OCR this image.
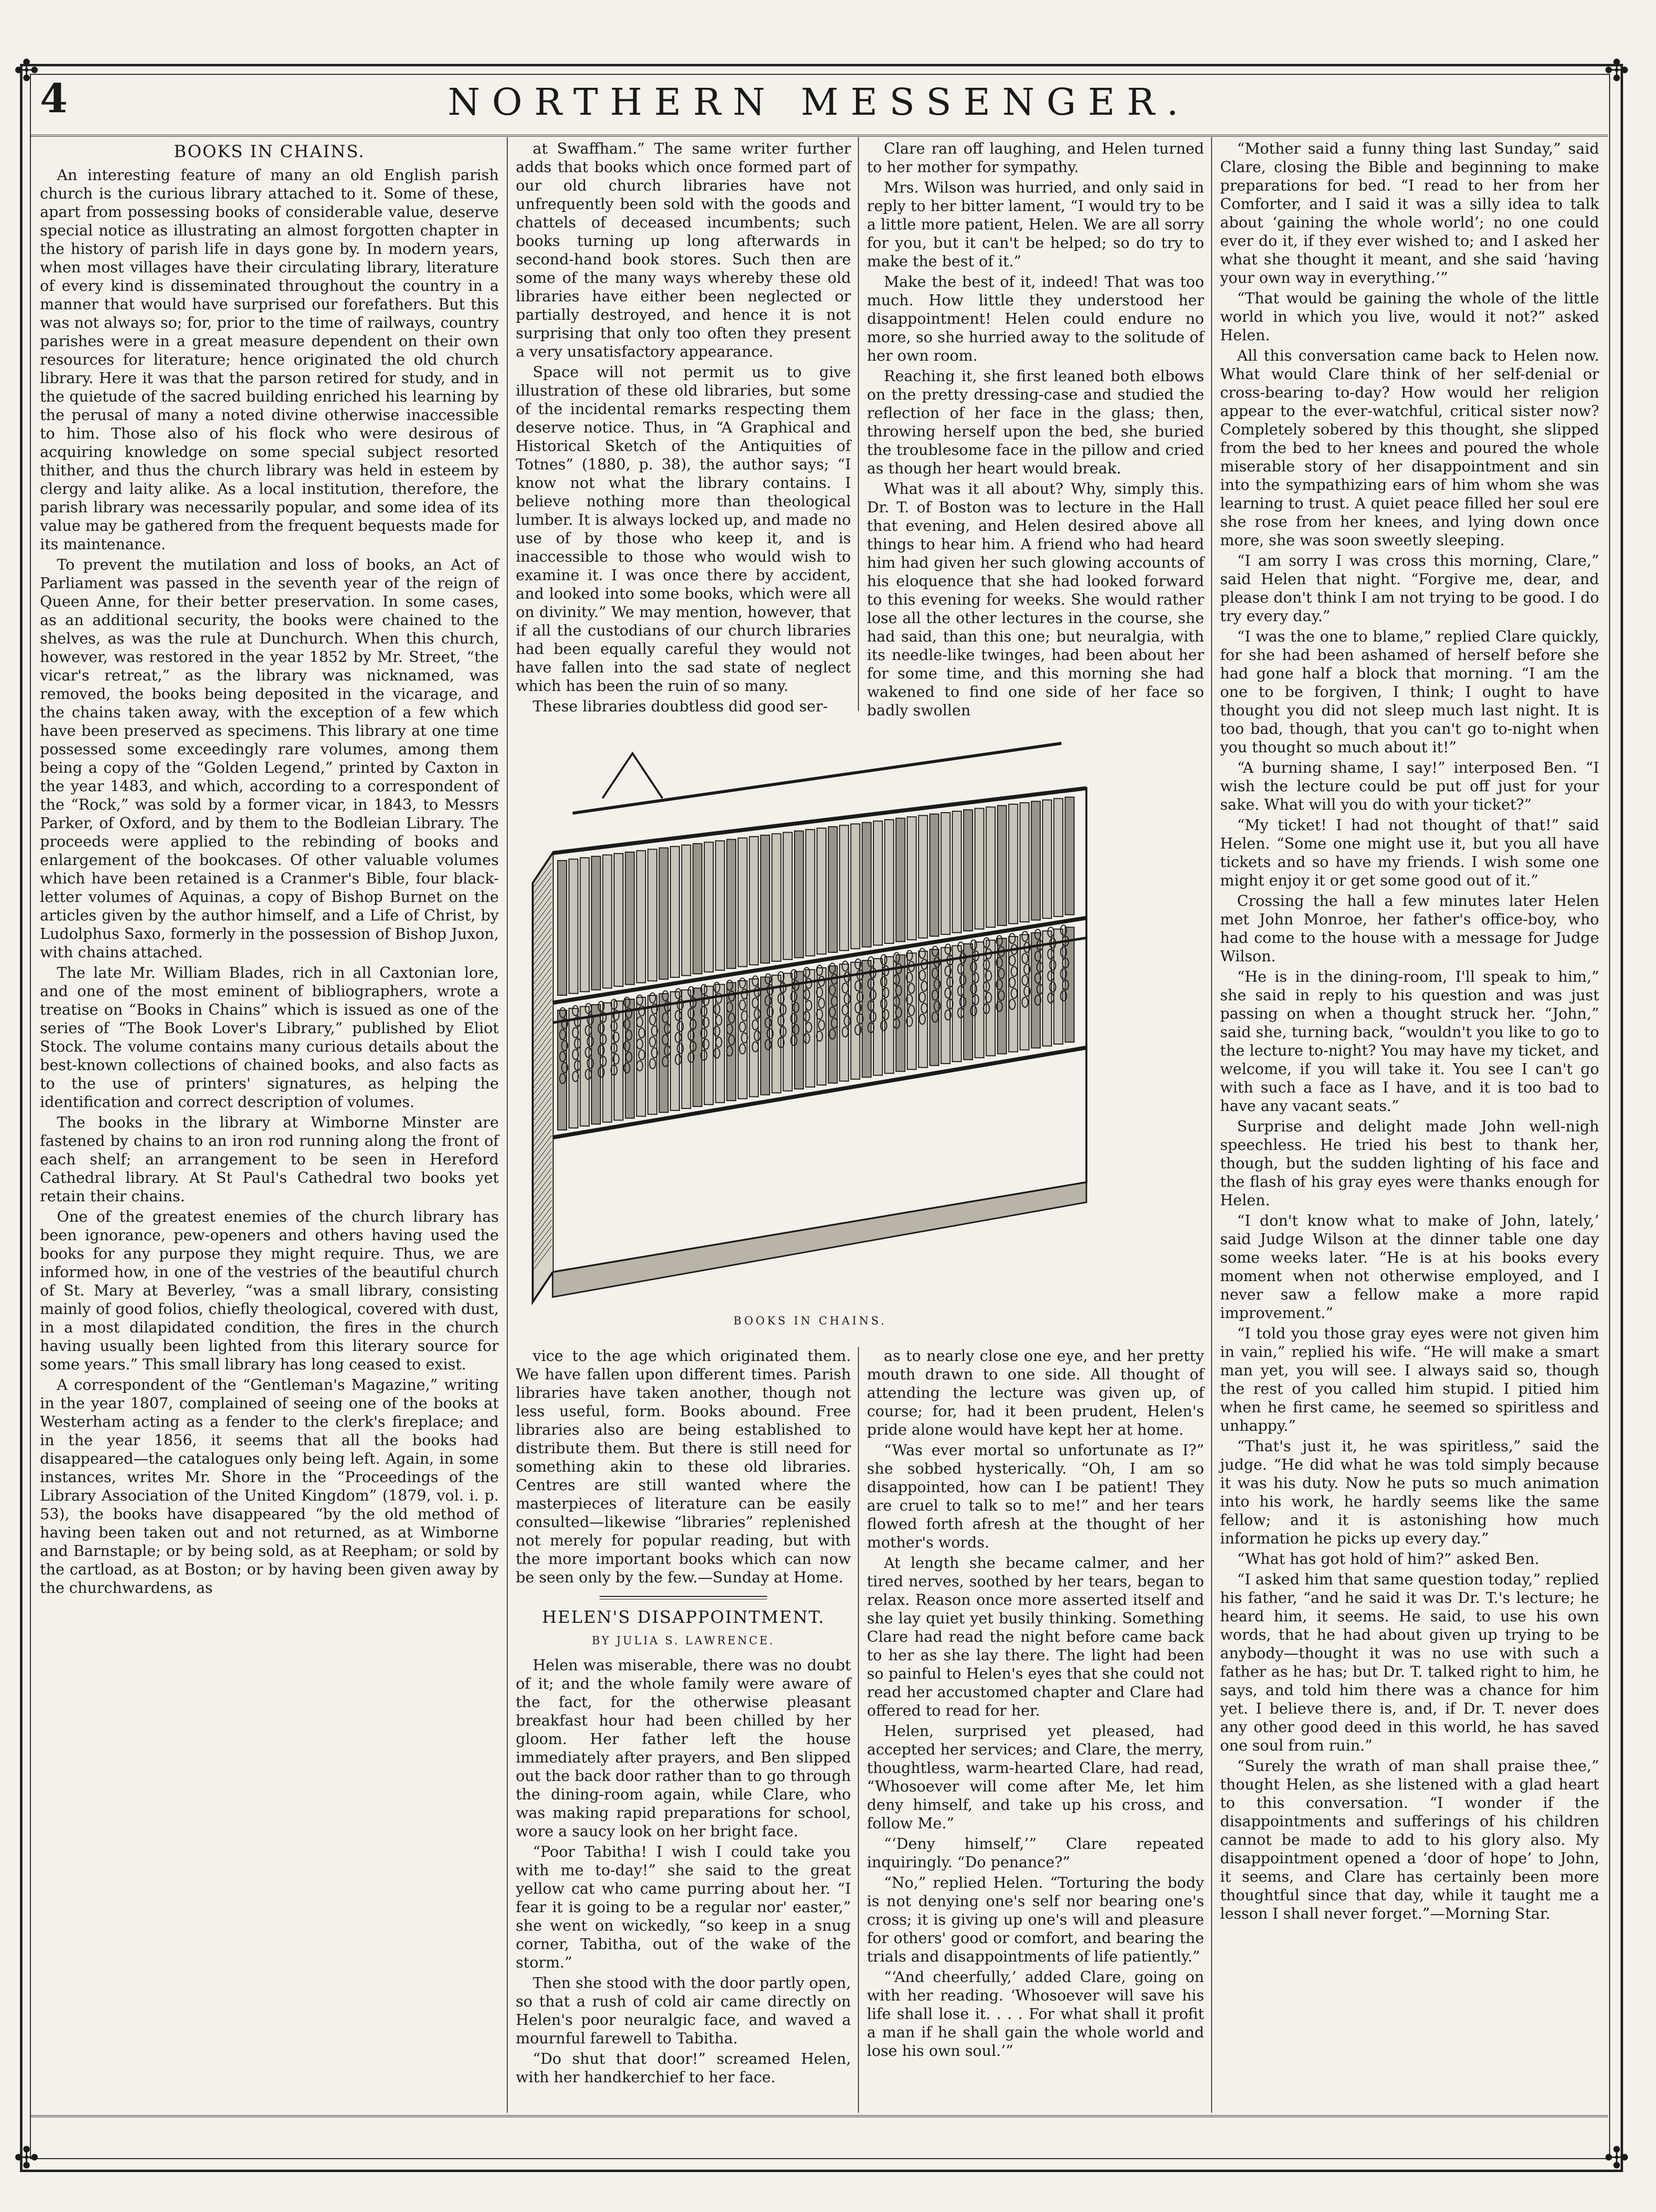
✣	✣
✣	✣
4	NORTHERN MESSENGER.
BOOKS IN CHAINS.

An interesting feature of many an old English parish church is the curious library attached to it. Some of these, apart from possessing books of considerable value, deserve special notice as illustrating an almost forgotten chapter in the history of parish life in days gone by. In modern years, when most villages have their circulating library, literature of every kind is disseminated throughout the country in a manner that would have surprised our forefathers. But this was not always so; for, prior to the time of railways, country parishes were in a great measure dependent on their own resources for literature; hence originated the old church library. Here it was that the parson retired for study, and in the quietude of the sacred building enriched his learning by the perusal of many a noted divine otherwise inaccessible to him. Those also of his flock who were desirous of acquiring knowledge on some special subject resorted thither, and thus the church library was held in esteem by clergy and laity alike. As a local institution, therefore, the parish library was necessarily popular, and some idea of its value may be gathered from the frequent bequests made for its maintenance.

To prevent the mutilation and loss of books, an Act of Parliament was passed in the seventh year of the reign of Queen Anne, for their better preservation. In some cases, as an additional security, the books were chained to the shelves, as was the rule at Dunchurch. When this church, however, was restored in the year 1852 by Mr. Street, “the vicar's retreat,” as the library was nicknamed, was removed, the books being deposited in the vicarage, and the chains taken away, with the exception of a few which have been preserved as specimens. This library at one time possessed some exceedingly rare volumes, among them being a copy of the “Golden Legend,” printed by Caxton in the year 1483, and which, according to a correspondent of the “Rock,” was sold by a former vicar, in 1843, to Messrs Parker, of Oxford, and by them to the Bodleian Library. The proceeds were applied to the rebinding of books and enlargement of the bookcases. Of other valuable volumes which have been retained is a Cranmer's Bible, four black-letter volumes of Aquinas, a copy of Bishop Burnet on the articles given by the author himself, and a Life of Christ, by Ludolphus Saxo, formerly in the possession of Bishop Juxon, with chains attached.

The late Mr. William Blades, rich in all Caxtonian lore, and one of the most eminent of bibliographers, wrote a treatise on “Books in Chains” which is issued as one of the series of “The Book Lover's Library,” published by Eliot Stock. The volume contains many curious details about the best-known collections of chained books, and also facts as to the use of printers' signatures, as helping the identification and correct description of volumes.

The books in the library at Wimborne Minster are fastened by chains to an iron rod running along the front of each shelf; an arrangement to be seen in Hereford Cathedral library. At St Paul's Cathedral two books yet retain their chains.

One of the greatest enemies of the church library has been ignorance, pew-openers and others having used the books for any purpose they might require. Thus, we are informed how, in one of the vestries of the beautiful church of St. Mary at Beverley, “was a small library, consisting mainly of good folios, chiefly theological, covered with dust, in a most dilapidated condition, the fires in the church having usually been lighted from this literary source for some years.” This small library has long ceased to exist.

A correspondent of the “Gentleman's Magazine,” writing in the year 1807, complained of seeing one of the books at Westerham acting as a fender to the clerk's fireplace; and in the year 1856, it seems that all the books had disappeared—the catalogues only being left. Again, in some instances, writes Mr. Shore in the “Proceedings of the Library Association of the United Kingdom” (1879, vol. i. p. 53), the books have disappeared “by the old method of having been taken out and not returned, as at Wimborne and Barnstaple; or by being sold, as at Reepham; or sold by the cartload, as at Boston; or by having been given away by the churchwardens, as

at Swaffham.” The same writer further adds that books which once formed part of our old church libraries have not unfrequently been sold with the goods and chattels of deceased incumbents; such books turning up long afterwards in second-hand book stores. Such then are some of the many ways whereby these old libraries have either been neglected or partially destroyed, and hence it is not surprising that only too often they present a very unsatisfactory appearance.

Space will not permit us to give illustration of these old libraries, but some of the incidental remarks respecting them deserve notice. Thus, in “A Graphical and Historical Sketch of the Antiquities of Totnes” (1880, p. 38), the author says; “I know not what the library contains. I believe nothing more than theological lumber. It is always locked up, and made no use of by those who keep it, and is inaccessible to those who would wish to examine it. I was once there by accident, and looked into some books, which were all on divinity.” We may mention, however, that if all the custodians of our church libraries had been equally careful they would not have fallen into the sad state of neglect which has been the ruin of so many.

These libraries doubtless did good ser-

Clare ran off laughing, and Helen turned to her mother for sympathy.

Mrs. Wilson was hurried, and only said in reply to her bitter lament, “I would try to be a little more patient, Helen. We are all sorry for you, but it can't be helped; so do try to make the best of it.”

Make the best of it, indeed! That was too much. How little they understood her disappointment! Helen could endure no more, so she hurried away to the solitude of her own room.

Reaching it, she first leaned both elbows on the pretty dressing-case and studied the reflection of her face in the glass; then, throwing herself upon the bed, she buried the troublesome face in the pillow and cried as though her heart would break.

What was it all about? Why, simply this. Dr. T. of Boston was to lecture in the Hall that evening, and Helen desired above all things to hear him. A friend who had heard him had given her such glowing accounts of his eloquence that she had looked forward to this evening for weeks. She would rather lose all the other lectures in the course, she had said, than this one; but neuralgia, with its needle-like twinges, had been about her for some time, and this morning she had wakened to find one side of her face so badly swollen

BOOKS IN CHAINS.

vice to the age which originated them. We have fallen upon different times. Parish libraries have taken another, though not less useful, form. Books abound. Free libraries also are being established to distribute them. But there is still need for something akin to these old libraries. Centres are still wanted where the masterpieces of literature can be easily consulted—likewise “libraries” replenished not merely for popular reading, but with the more important books which can now be seen only by the few.—Sunday at Home.

HELEN'S DISAPPOINTMENT.
BY JULIA S. LAWRENCE.

Helen was miserable, there was no doubt of it; and the whole family were aware of the fact, for the otherwise pleasant breakfast hour had been chilled by her gloom. Her father left the house immediately after prayers, and Ben slipped out the back door rather than to go through the dining-room again, while Clare, who was making rapid preparations for school, wore a saucy look on her bright face.

“Poor Tabitha! I wish I could take you with me to-day!” she said to the great yellow cat who came purring about her. “I fear it is going to be a regular nor' easter,” she went on wickedly, “so keep in a snug corner, Tabitha, out of the wake of the storm.”

Then she stood with the door partly open, so that a rush of cold air came directly on Helen's poor neuralgic face, and waved a mournful farewell to Tabitha.

“Do shut that door!” screamed Helen, with her handkerchief to her face.

as to nearly close one eye, and her pretty mouth drawn to one side. All thought of attending the lecture was given up, of course; for, had it been prudent, Helen's pride alone would have kept her at home.

“Was ever mortal so unfortunate as I?” she sobbed hysterically. “Oh, I am so disappointed, how can I be patient! They are cruel to talk so to me!” and her tears flowed forth afresh at the thought of her mother's words.

At length she became calmer, and her tired nerves, soothed by her tears, began to relax. Reason once more asserted itself and she lay quiet yet busily thinking. Something Clare had read the night before came back to her as she lay there. The light had been so painful to Helen's eyes that she could not read her accustomed chapter and Clare had offered to read for her.

Helen, surprised yet pleased, had accepted her services; and Clare, the merry, thoughtless, warm-hearted Clare, had read, “Whosoever will come after Me, let him deny himself, and take up his cross, and follow Me.”

“‘Deny himself,’” Clare repeated inquiringly. “Do penance?”

“No,” replied Helen. “Torturing the body is not denying one's self nor bearing one's cross; it is giving up one's will and pleasure for others' good or comfort, and bearing the trials and disappointments of life patiently.”

“‘And cheerfully,’ added Clare, going on with her reading. ‘Whosoever will save his life shall lose it. . . . For what shall it profit a man if he shall gain the whole world and lose his own soul.’”

“Mother said a funny thing last Sunday,” said Clare, closing the Bible and beginning to make preparations for bed. “I read to her from her Comforter, and I said it was a silly idea to talk about ‘gaining the whole world’; no one could ever do it, if they ever wished to; and I asked her what she thought it meant, and she said ‘having your own way in everything.’”

“That would be gaining the whole of the little world in which you live, would it not?” asked Helen.

All this conversation came back to Helen now. What would Clare think of her self-denial or cross-bearing to-day? How would her religion appear to the ever-watchful, critical sister now? Completely sobered by this thought, she slipped from the bed to her knees and poured the whole miserable story of her disappointment and sin into the sympathizing ears of him whom she was learning to trust. A quiet peace filled her soul ere she rose from her knees, and lying down once more, she was soon sweetly sleeping.

“I am sorry I was cross this morning, Clare,” said Helen that night. “Forgive me, dear, and please don't think I am not trying to be good. I do try every day.”

“I was the one to blame,” replied Clare quickly, for she had been ashamed of herself before she had gone half a block that morning. “I am the one to be forgiven, I think; I ought to have thought you did not sleep much last night. It is too bad, though, that you can't go to-night when you thought so much about it!”

“A burning shame, I say!” interposed Ben. “I wish the lecture could be put off just for your sake. What will you do with your ticket?”

“My ticket! I had not thought of that!” said Helen. “Some one might use it, but you all have tickets and so have my friends. I wish some one might enjoy it or get some good out of it.”

Crossing the hall a few minutes later Helen met John Monroe, her father's office-boy, who had come to the house with a message for Judge Wilson.

“He is in the dining-room, I'll speak to him,” she said in reply to his question and was just passing on when a thought struck her. “John,” said she, turning back, “wouldn't you like to go to the lecture to-night? You may have my ticket, and welcome, if you will take it. You see I can't go with such a face as I have, and it is too bad to have any vacant seats.”

Surprise and delight made John well-nigh speechless. He tried his best to thank her, though, but the sudden lighting of his face and the flash of his gray eyes were thanks enough for Helen.

“I don't know what to make of John, lately,’ said Judge Wilson at the dinner table one day some weeks later. “He is at his books every moment when not otherwise employed, and I never saw a fellow make a more rapid improvement.”

“I told you those gray eyes were not given him in vain,” replied his wife. “He will make a smart man yet, you will see. I always said so, though the rest of you called him stupid. I pitied him when he first came, he seemed so spiritless and unhappy.”

“That's just it, he was spiritless,” said the judge. “He did what he was told simply because it was his duty. Now he puts so much animation into his work, he hardly seems like the same fellow; and it is astonishing how much information he picks up every day.”

“What has got hold of him?” asked Ben.

“I asked him that same question today,” replied his father, “and he said it was Dr. T.'s lecture; he heard him, it seems. He said, to use his own words, that he had about given up trying to be anybody—thought it was no use with such a father as he has; but Dr. T. talked right to him, he says, and told him there was a chance for him yet. I believe there is, and, if Dr. T. never does any other good deed in this world, he has saved one soul from ruin.”

“Surely the wrath of man shall praise thee,” thought Helen, as she listened with a glad heart to this conversation. “I wonder if the disappointments and sufferings of his children cannot be made to add to his glory also. My disappointment opened a ‘door of hope’ to John, it seems, and Clare has certainly been more thoughtful since that day, while it taught me a lesson I shall never forget.”—Morning Star.
